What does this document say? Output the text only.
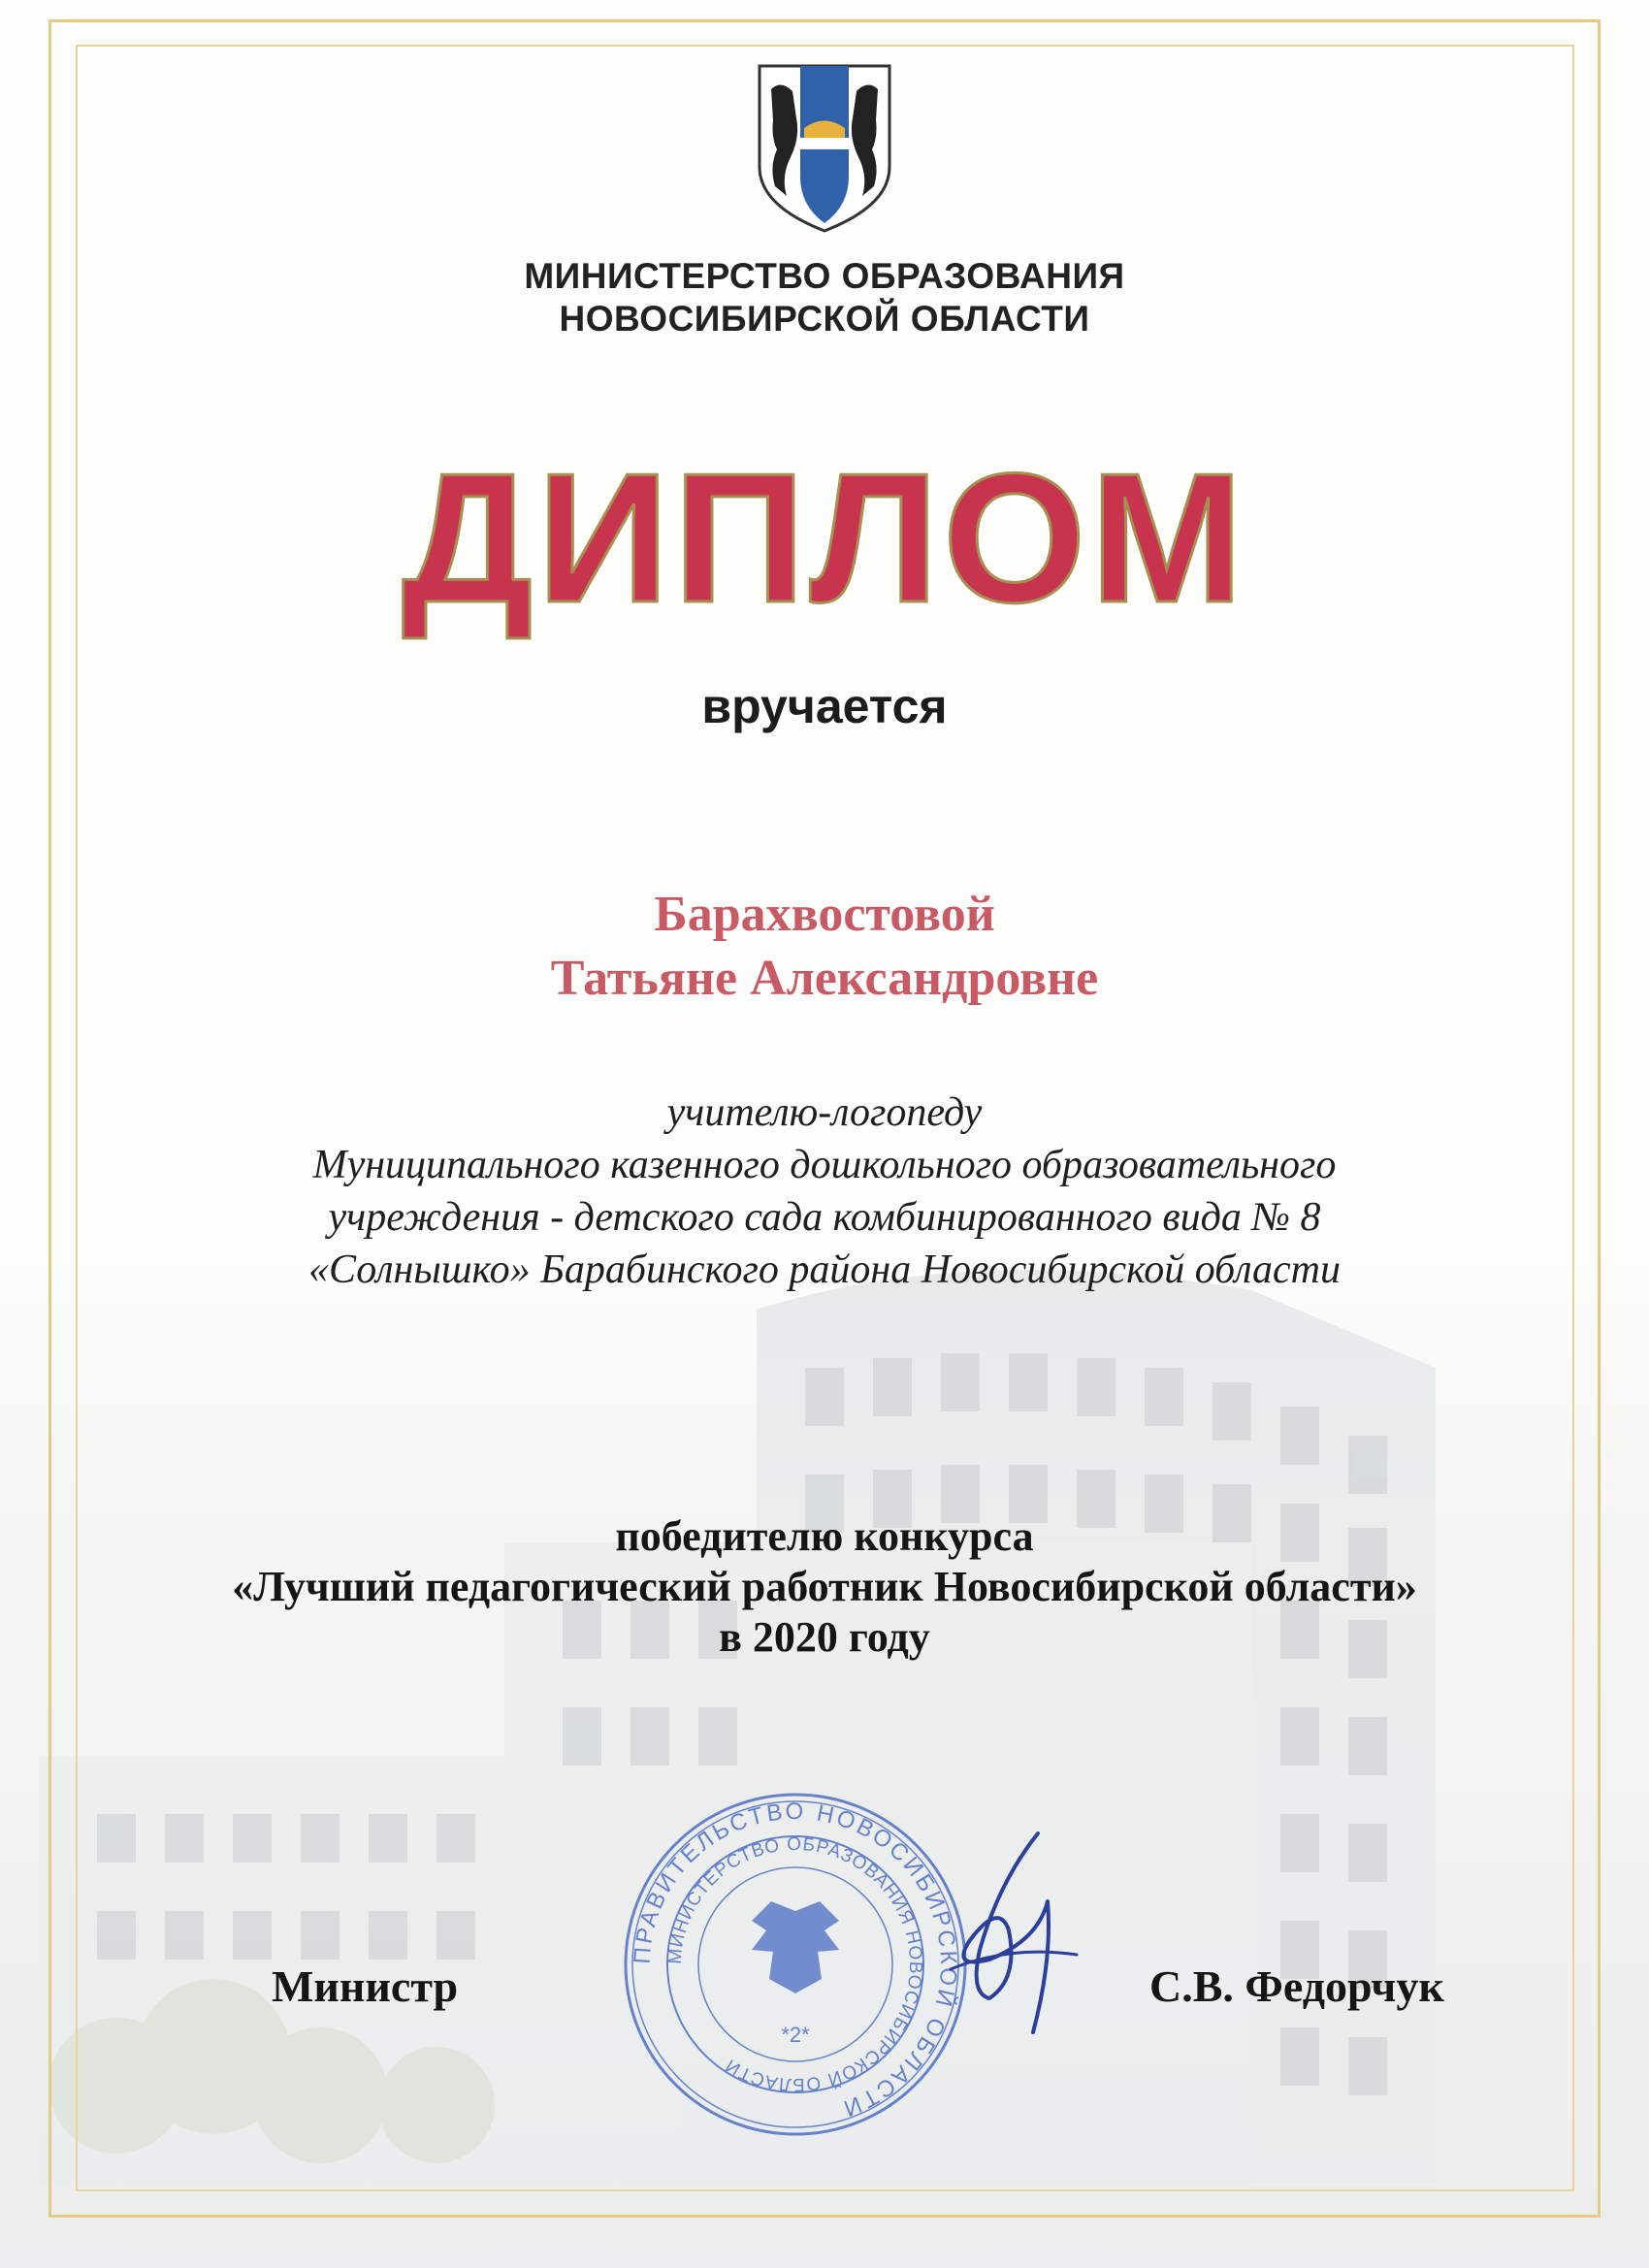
МИНИСТЕРСТВО ОБРАЗОВАНИЯ
НОВОСИБИРСКОЙ ОБЛАСТИ
ДИПЛОМ
вручается
Барахвостовой
Татьяне Александровне
учителю-логопеду
Муниципального казенного дошкольного образовательного
учреждения - детского сада комбинированного вида № 8
«Солнышко» Барабинского района Новосибирской области
победителю конкурса
«Лучший педагогический работник Новосибирской области»
в 2020 году
ПРАВИТЕЛЬСТВО НОВОСИБИРСКОЙ ОБЛАСТИ
МИНИСТЕРСТВО ОБРАЗОВАНИЯ НОВОСИБИРСКОЙ ОБЛАСТИ
*2*
Министр	С.В. Федорчук
